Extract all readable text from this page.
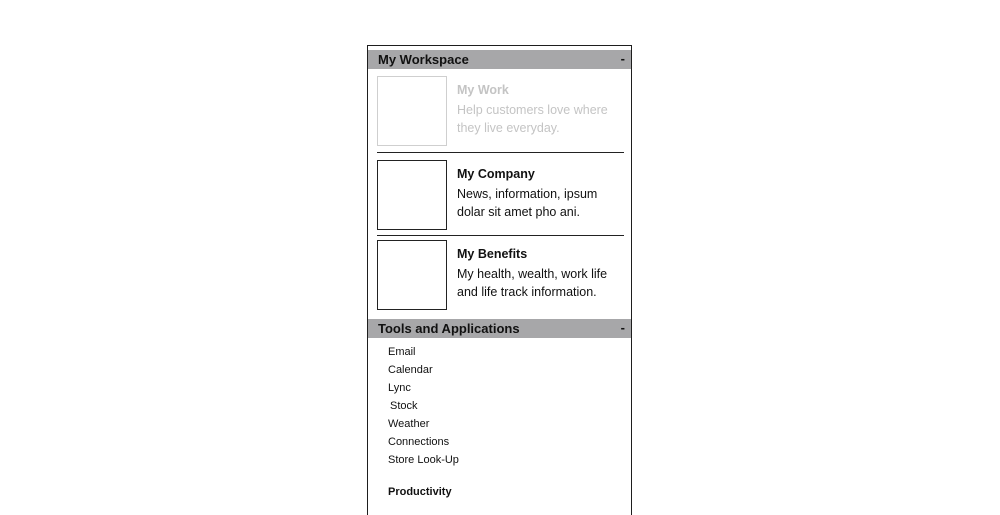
My Workspace	-
My Work
Help customers love where they live everyday.
My Company
News, information, ipsum dolar sit amet pho ani.
My Benefits
My health, wealth, work life and life track information.
Tools and Applications	-
Email
Calendar
Lync
Stock
Weather
Connections
Store Look-Up
Productivity
